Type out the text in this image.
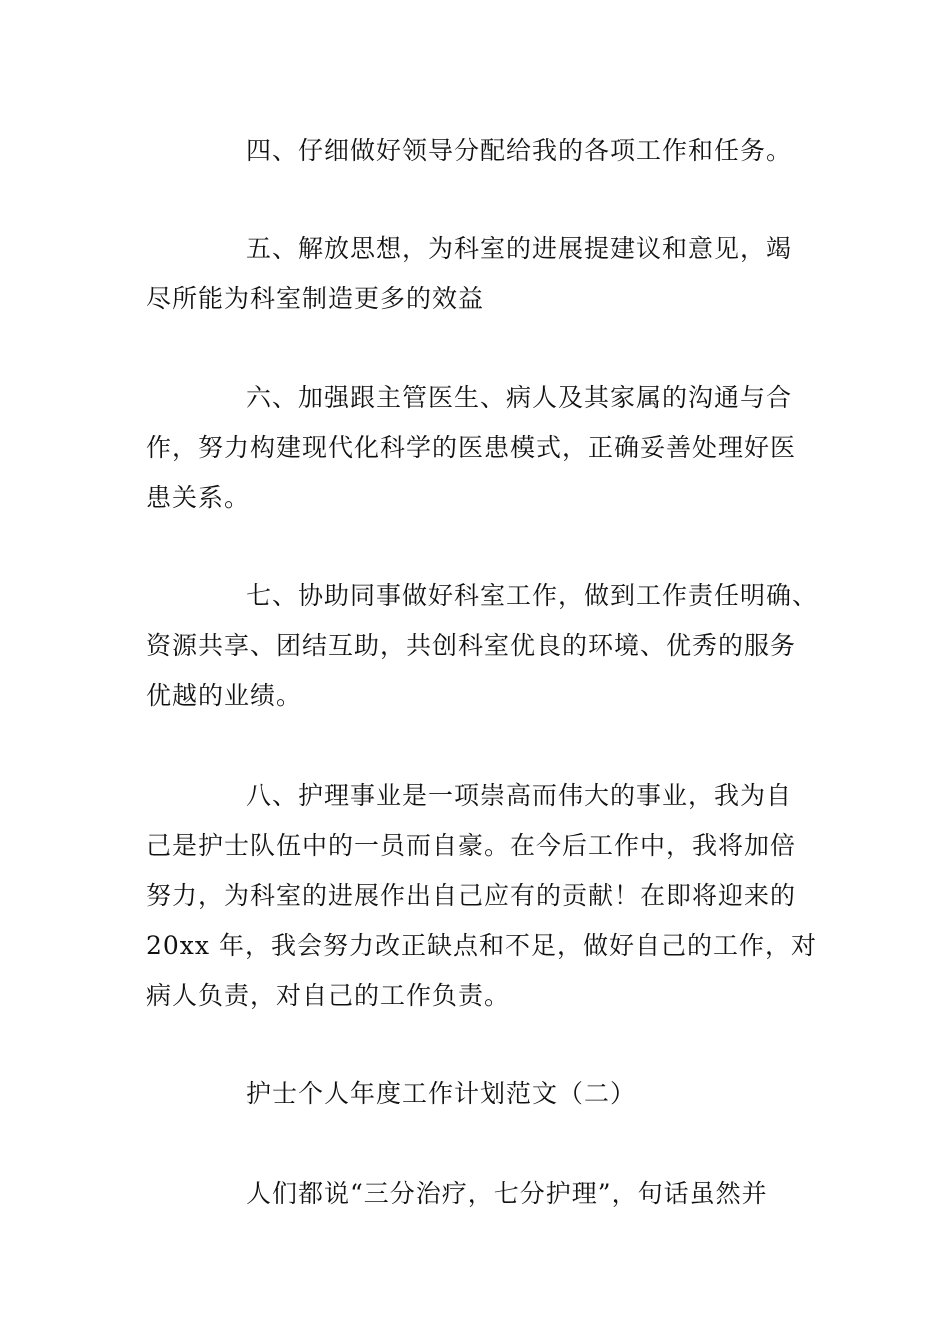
四、仔细做好领导分配给我的各项工作和任务。
五、解放思想，为科室的进展提建议和意见，竭
尽所能为科室制造更多的效益
六、加强跟主管医生、病人及其家属的沟通与合
作，努力构建现代化科学的医患模式，正确妥善处理好医
患关系。
七、协助同事做好科室工作，做到工作责任明确、
资源共享、团结互助，共创科室优良的环境、优秀的服务
优越的业绩。
八、护理事业是一项崇高而伟大的事业，我为自
己是护士队伍中的一员而自豪。在今后工作中，我将加倍
努力，为科室的进展作出自己应有的贡献！在即将迎来的
20xx 年，我会努力改正缺点和不足，做好自己的工作，对
病人负责，对自己的工作负责。
护士个人年度工作计划范文（二）
人们都说“三分治疗，七分护理”，句话虽然并
